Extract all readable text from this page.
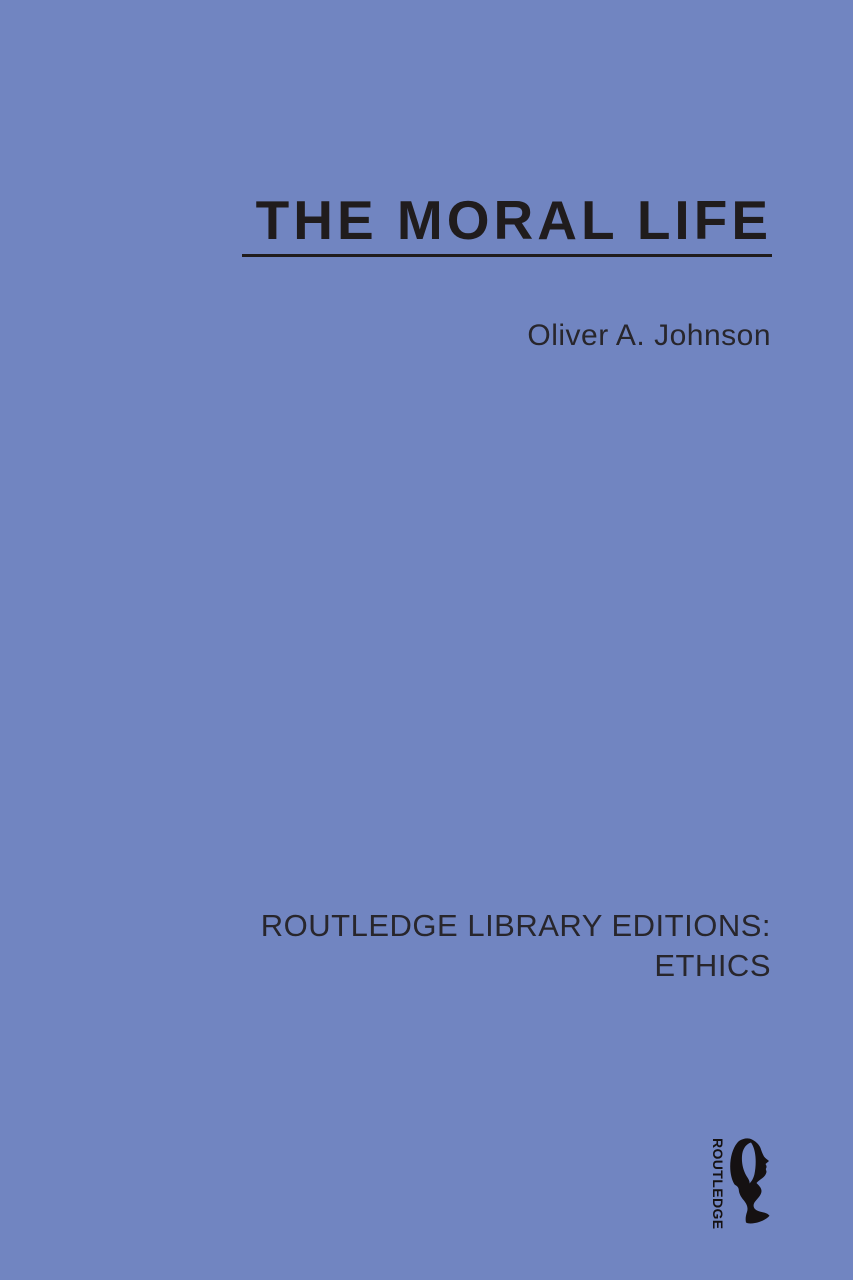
THE MORAL LIFE
Oliver A. Johnson
ROUTLEDGE LIBRARY EDITIONS:
ETHICS
ROUTLEDGE
